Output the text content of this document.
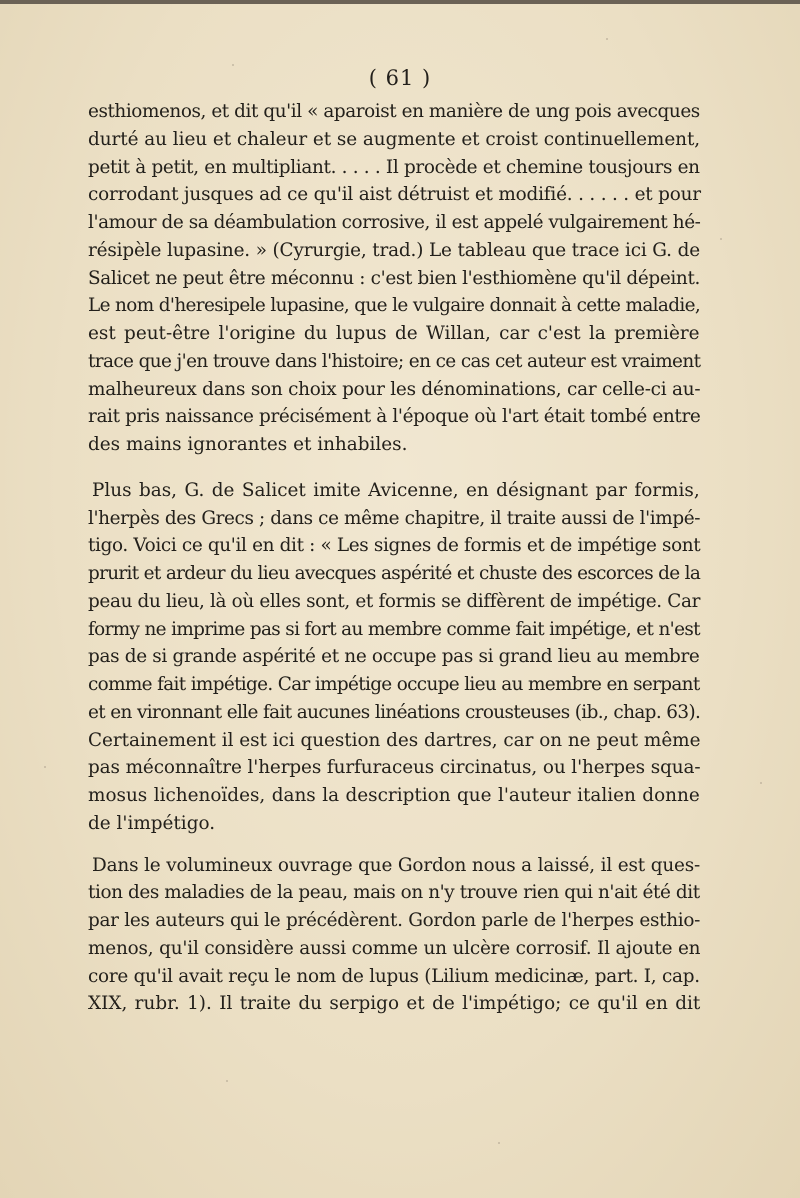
( 61 )

esthiomenos, et dit qu'il « aparoist en manière de ung pois avecques
durté au lieu et chaleur et se augmente et croist continuellement,
petit à petit, en multipliant. . . . . Il procède et chemine tousjours en
corrodant jusques ad ce qu'il aist détruist et modifié. . . . . . et pour
l'amour de sa déambulation corrosive, il est appelé vulgairement hé-
résipèle lupasine. » (Cyrurgie, trad.) Le tableau que trace ici G. de
Salicet ne peut être méconnu : c'est bien l'esthiomène qu'il dépeint.
Le nom d'heresipele lupasine, que le vulgaire donnait à cette maladie,
est peut-être l'origine du lupus de Willan, car c'est la première
trace que j'en trouve dans l'histoire; en ce cas cet auteur est vraiment
malheureux dans son choix pour les dénominations, car celle-ci au-
rait pris naissance précisément à l'époque où l'art était tombé entre
des mains ignorantes et inhabiles.

Plus bas, G. de Salicet imite Avicenne, en désignant par formis,
l'herpès des Grecs ; dans ce même chapitre, il traite aussi de l'impé-
tigo. Voici ce qu'il en dit : « Les signes de formis et de impétige sont
prurit et ardeur du lieu avecques aspérité et chuste des escorces de la
peau du lieu, là où elles sont, et formis se diffèrent de impétige. Car
formy ne imprime pas si fort au membre comme fait impétige, et n'est
pas de si grande aspérité et ne occupe pas si grand lieu au membre
comme fait impétige. Car impétige occupe lieu au membre en serpant
et en vironnant elle fait aucunes linéations crousteuses (ib., chap. 63).
Certainement il est ici question des dartres, car on ne peut même
pas méconnaître l'herpes furfuraceus circinatus, ou l'herpes squa-
mosus lichenoïdes, dans la description que l'auteur italien donne
de l'impétigo.

Dans le volumineux ouvrage que Gordon nous a laissé, il est ques-
tion des maladies de la peau, mais on n'y trouve rien qui n'ait été dit
par les auteurs qui le précédèrent. Gordon parle de l'herpes esthio-
menos, qu'il considère aussi comme un ulcère corrosif. Il ajoute en
core qu'il avait reçu le nom de lupus (Lilium medicinæ, part. I, cap.
XIX, rubr. 1). Il traite du serpigo et de l'impétigo; ce qu'il en dit
